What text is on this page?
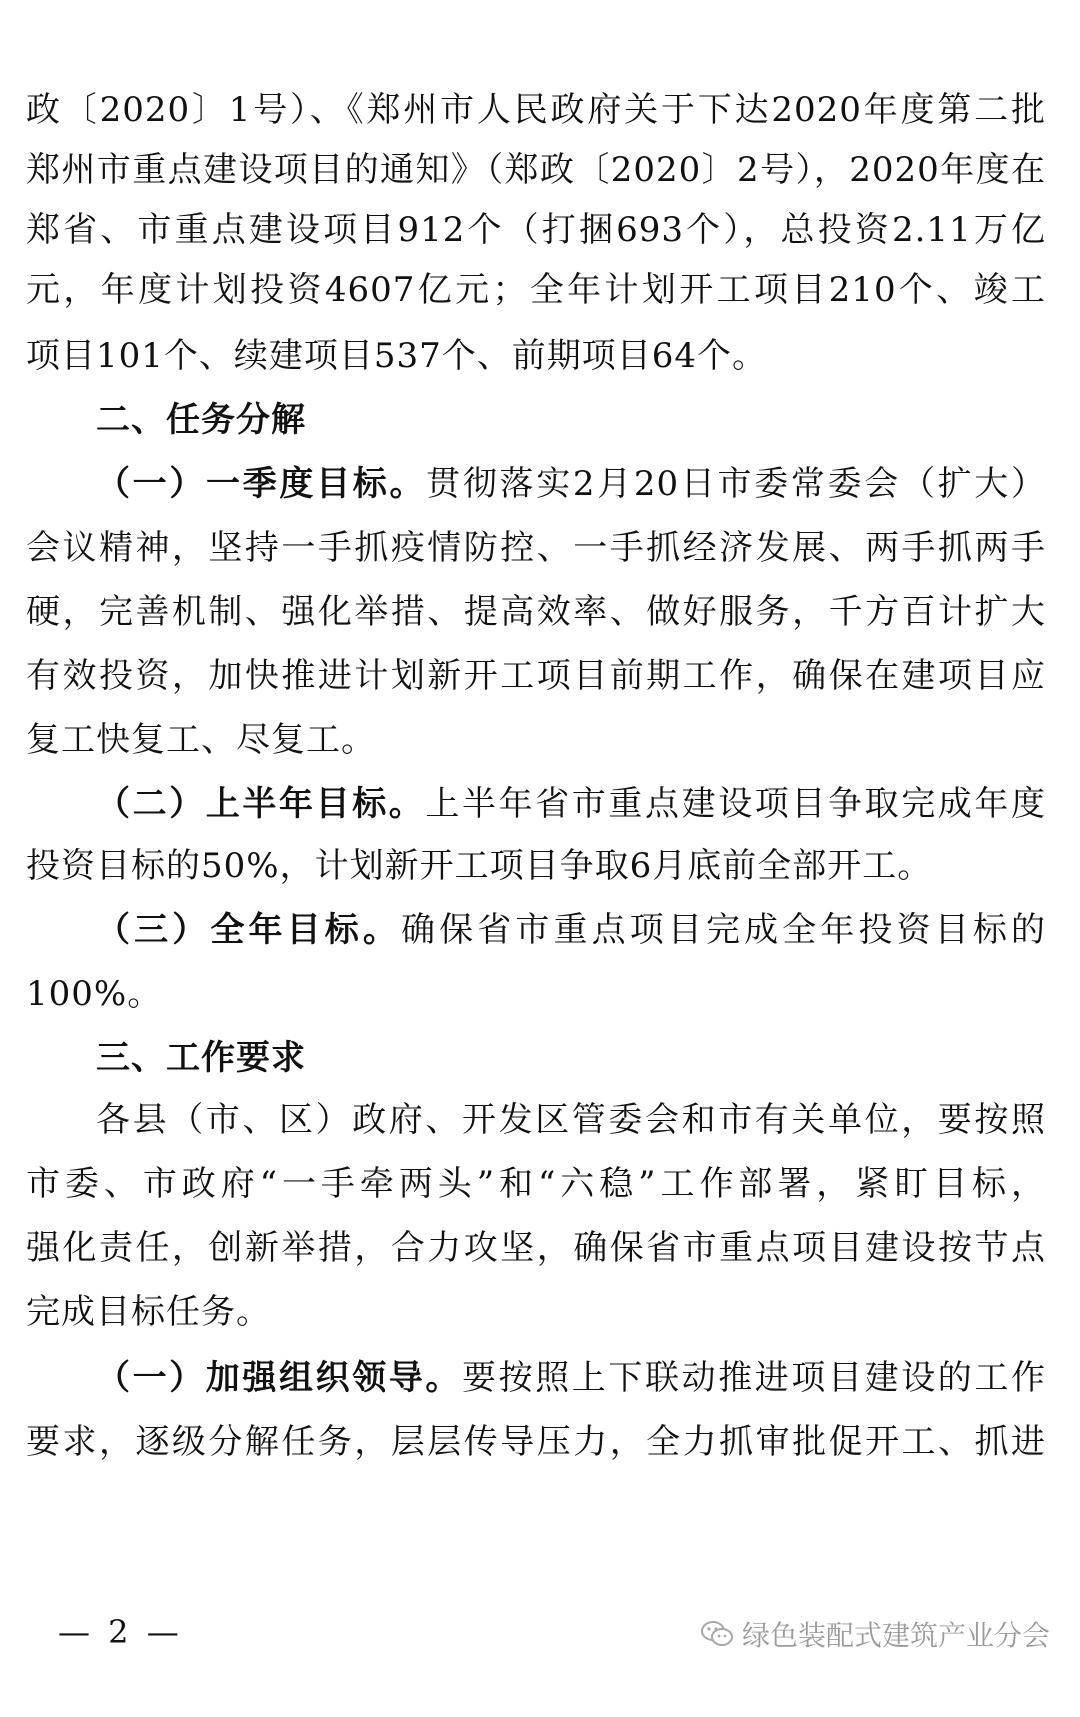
政〔2020〕1号）、《郑州市人民政府关于下达2020年度第二批
郑州市重点建设项目的通知》（郑政〔2020〕2号），2020年度在
郑省、市重点建设项目912个（打捆693个），总投资2.11万亿
元，年度计划投资4607亿元；全年计划开工项目210个、竣工
项目101个、续建项目537个、前期项目64个。
二、任务分解
（一）一季度目标。贯彻落实2月20日市委常委会（扩大）
会议精神，坚持一手抓疫情防控、一手抓经济发展、两手抓两手
硬，完善机制、强化举措、提高效率、做好服务，千方百计扩大
有效投资，加快推进计划新开工项目前期工作，确保在建项目应
复工快复工、尽复工。
（二）上半年目标。上半年省市重点建设项目争取完成年度
投资目标的50%，计划新开工项目争取6月底前全部开工。
（三）全年目标。确保省市重点项目完成全年投资目标的
100%。
三、工作要求
各县（市、区）政府、开发区管委会和市有关单位，要按照
市委、市政府“一手牵两头”和“六稳”工作部署，紧盯目标，
强化责任，创新举措，合力攻坚，确保省市重点项目建设按节点
完成目标任务。
（一）加强组织领导。要按照上下联动推进项目建设的工作
要求，逐级分解任务，层层传导压力，全力抓审批促开工、抓进
— 2 —	绿色装配式建筑产业分会
